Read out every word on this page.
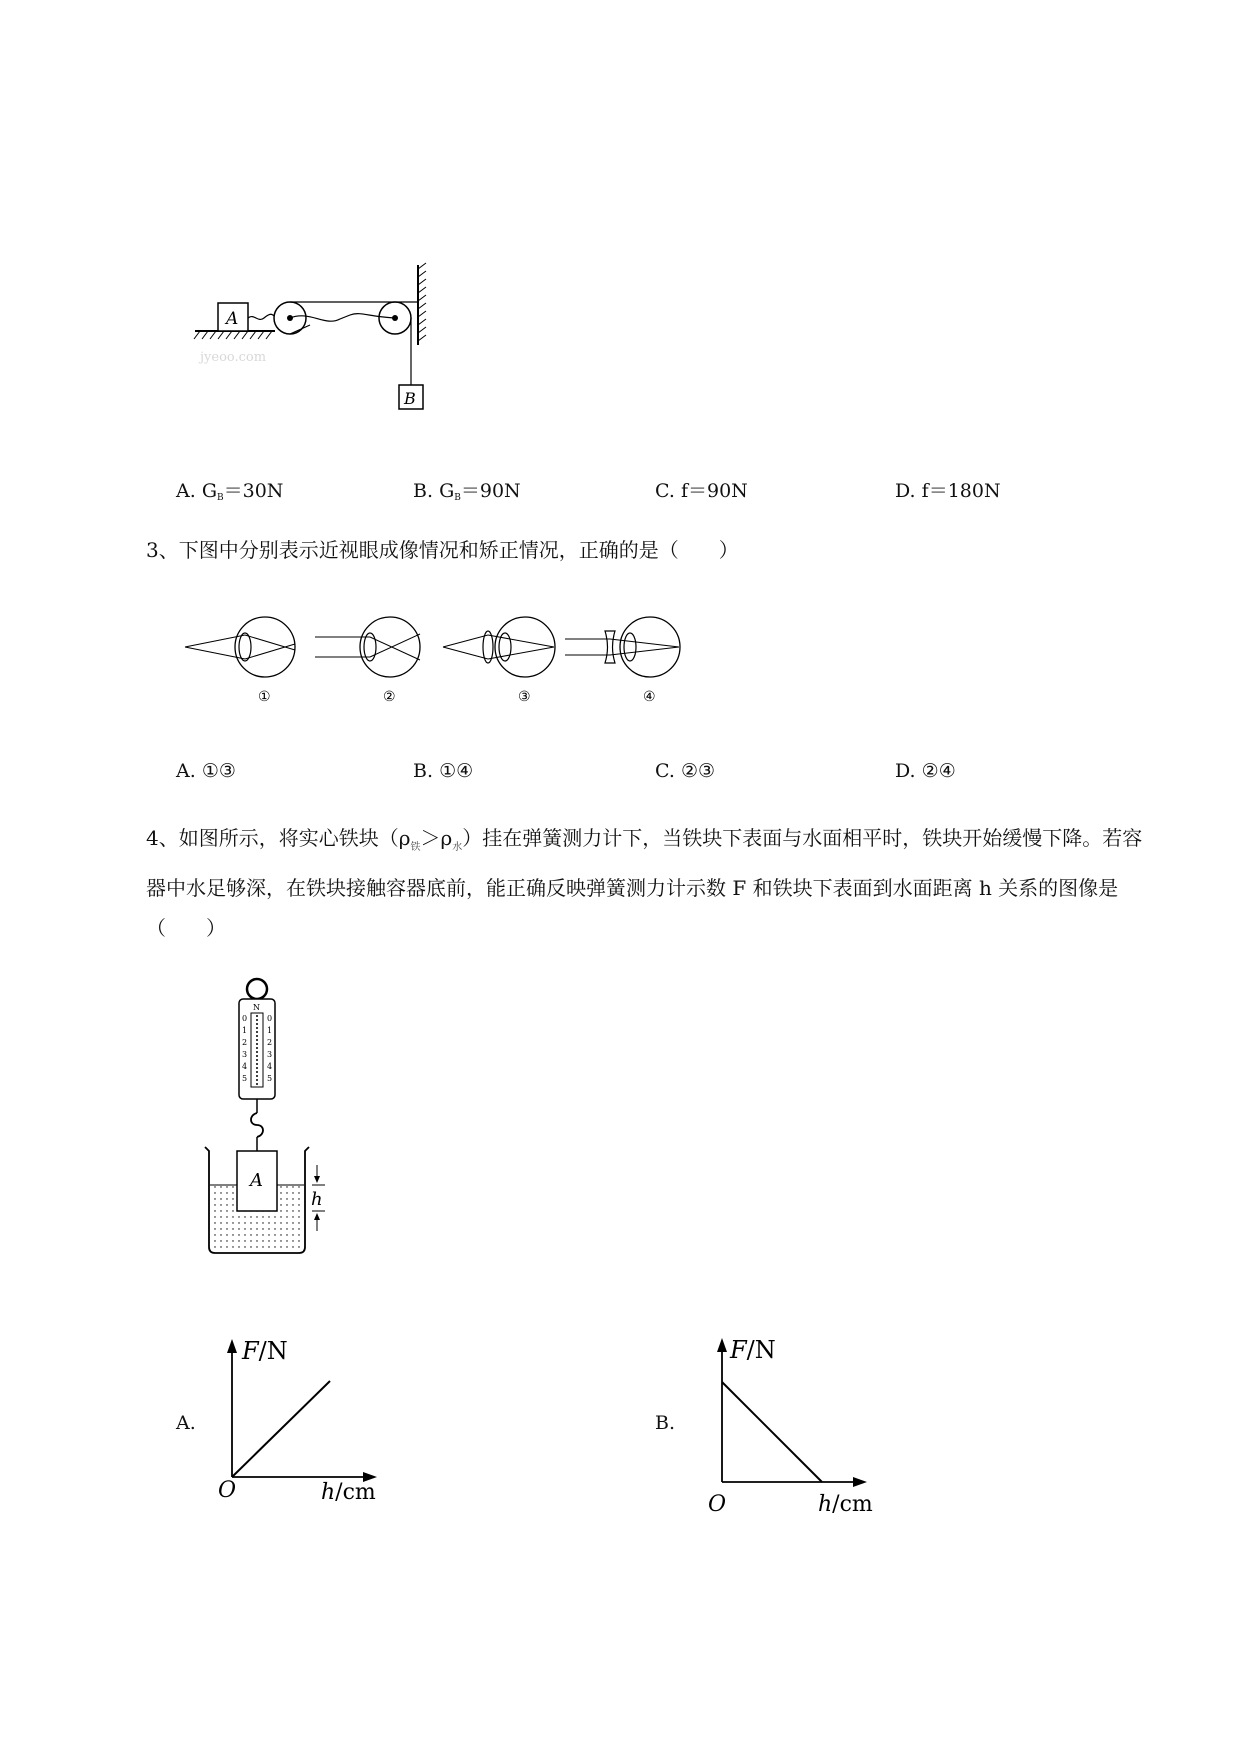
A
B
jyeoo.com
A. $G_B=30N$	B. $G_B=90N$	C. f＝90N	D. f＝180N
3、下图中分别表示近视眼成像情况和矫正情况，正确的是（　　）
①	②	③	④
A. ①③	B. ①④	C. ②③	D. ②④
4、如图所示，将实心铁块$(\rho_铁>\rho_水)$挂在弹簧测力计下，当铁块下表面与水面相平时，铁块开始缓慢下降。若容器中水足够深，在铁块接触容器底前，能正确反映弹簧测力计示数 F 和铁块下表面到水面距离 h 关系的图像是（　　）
N
0
1
2
3
4
5
0
1
2
3
4
5
A
h
A.
F/N
O	h/cm
B.
F/N
O	h/cm
